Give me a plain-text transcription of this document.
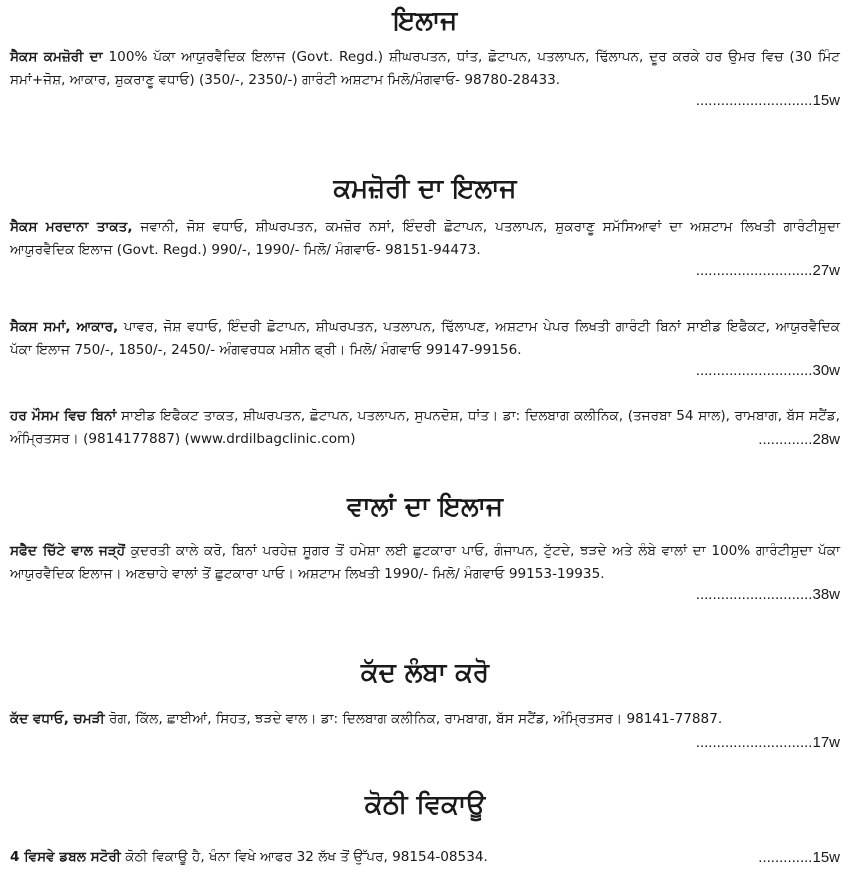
ਇਲਾਜ
ਸੈਕਸ ਕਮਜ਼ੋਰੀ ਦਾ 100% ਪੱਕਾ ਆਯੁਰਵੈਦਿਕ ਇਲਾਜ (Govt. Regd.) ਸ਼ੀਘਰਪਤਨ, ਧਾਂਤ, ਛੋਟਾਪਨ, ਪਤਲਾਪਨ, ਢਿੱਲਾਪਨ, ਦੂਰ ਕਰਕੇ ਹਰ ਉਮਰ ਵਿਚ (30 ਮਿੰਟ ਸਮਾਂ+ਜੋਸ਼, ਆਕਾਰ, ਸ਼ੁਕਰਾਣੂ ਵਧਾਓ) (350/-, 2350/-) ਗਾਰੰਟੀ ਅਸ਼ਟਾਮ ਮਿਲੋ/ਮੰਗਵਾਓ- 98780-28433.
............................15w
ਕਮਜ਼ੋਰੀ ਦਾ ਇਲਾਜ
ਸੈਕਸ ਮਰਦਾਨਾ ਤਾਕਤ, ਜਵਾਨੀ, ਜੋਸ਼ ਵਧਾਓ, ਸ਼ੀਘਰਪਤਨ, ਕਮਜ਼ੋਰ ਨਸਾਂ, ਇੰਦਰੀ ਛੋਟਾਪਨ, ਪਤਲਾਪਨ, ਸ਼ੁਕਰਾਣੂ ਸਮੱਸਿਆਵਾਂ ਦਾ ਅਸ਼ਟਾਮ ਲਿਖਤੀ ਗਾਰੰਟੀਸ਼ੁਦਾ ਆਯੁਰਵੈਦਿਕ ਇਲਾਜ (Govt. Regd.) 990/-, 1990/- ਮਿਲੋ/ ਮੰਗਵਾਓ- 98151-94473.
............................27w
ਸੈਕਸ ਸਮਾਂ, ਆਕਾਰ, ਪਾਵਰ, ਜੋਸ਼ ਵਧਾਓ, ਇੰਦਰੀ ਛੋਟਾਪਨ, ਸ਼ੀਘਰਪਤਨ, ਪਤਲਾਪਨ, ਢਿੱਲਾਪਣ, ਅਸ਼ਟਾਮ ਪੇਪਰ ਲਿਖਤੀ ਗਾਰੰਟੀ ਬਿਨਾਂ ਸਾਈਡ ਇਫੈਕਟ, ਆਯੁਰਵੈਦਿਕ ਪੱਕਾ ਇਲਾਜ 750/-, 1850/-, 2450/- ਅੰਗਵਰਧਕ ਮਸ਼ੀਨ ਫ੍ਰੀ। ਮਿਲੋ/ ਮੰਗਵਾਓ 99147-99156.
............................30w
ਹਰ ਮੌਸਮ ਵਿਚ ਬਿਨਾਂ ਸਾਈਡ ਇਫੈਕਟ ਤਾਕਤ, ਸ਼ੀਘਰਪਤਨ, ਛੋਟਾਪਨ, ਪਤਲਾਪਨ, ਸੁਪਨਦੋਸ਼, ਧਾਂਤ। ਡਾ: ਦਿਲਬਾਗ ਕਲੀਨਿਕ, (ਤਜਰਬਾ 54 ਸਾਲ), ਰਾਮਬਾਗ, ਬੱਸ ਸਟੈਂਡ, ਅੰਮ੍ਰਿਤਸਰ। (9814177887) (www.drdilbagclinic.com)	.............28w
ਵਾਲਾਂ ਦਾ ਇਲਾਜ
ਸਫੈਦ ਚਿੱਟੇ ਵਾਲ ਜੜ੍ਹੋਂ ਕੁਦਰਤੀ ਕਾਲੇ ਕਰੋ, ਬਿਨਾਂ ਪਰਹੇਜ਼ ਸ਼ੂਗਰ ਤੋਂ ਹਮੇਸ਼ਾ ਲਈ ਛੁਟਕਾਰਾ ਪਾਓ, ਗੰਜਾਪਨ, ਟੁੱਟਦੇ, ਝੜਦੇ ਅਤੇ ਲੰਬੇ ਵਾਲਾਂ ਦਾ 100% ਗਾਰੰਟੀਸ਼ੁਦਾ ਪੱਕਾ ਆਯੁਰਵੈਦਿਕ ਇਲਾਜ। ਅਣਚਾਹੇ ਵਾਲਾਂ ਤੋਂ ਛੁਟਕਾਰਾ ਪਾਓ। ਅਸ਼ਟਾਮ ਲਿਖਤੀ 1990/- ਮਿਲੋ/ ਮੰਗਵਾਓ 99153-19935.
............................38w
ਕੱਦ ਲੰਬਾ ਕਰੋ
ਕੱਦ ਵਧਾਓ, ਚਮੜੀ ਰੋਗ, ਕਿੱਲ, ਛਾਈਆਂ, ਸਿਹਤ, ਝੜਦੇ ਵਾਲ। ਡਾ: ਦਿਲਬਾਗ ਕਲੀਨਿਕ, ਰਾਮਬਾਗ, ਬੱਸ ਸਟੈਂਡ, ਅੰਮ੍ਰਿਤਸਰ। 98141-77887.
............................17w
ਕੋਠੀ ਵਿਕਾਊ
4 ਵਿਸਵੇ ਡਬਲ ਸਟੋਰੀ ਕੋਠੀ ਵਿਕਾਊ ਹੈ, ਖੰਨਾ ਵਿਖੇ ਆਫਰ 32 ਲੱਖ ਤੋਂ ਉੱਪਰ, 98154-08534.	.............15w
